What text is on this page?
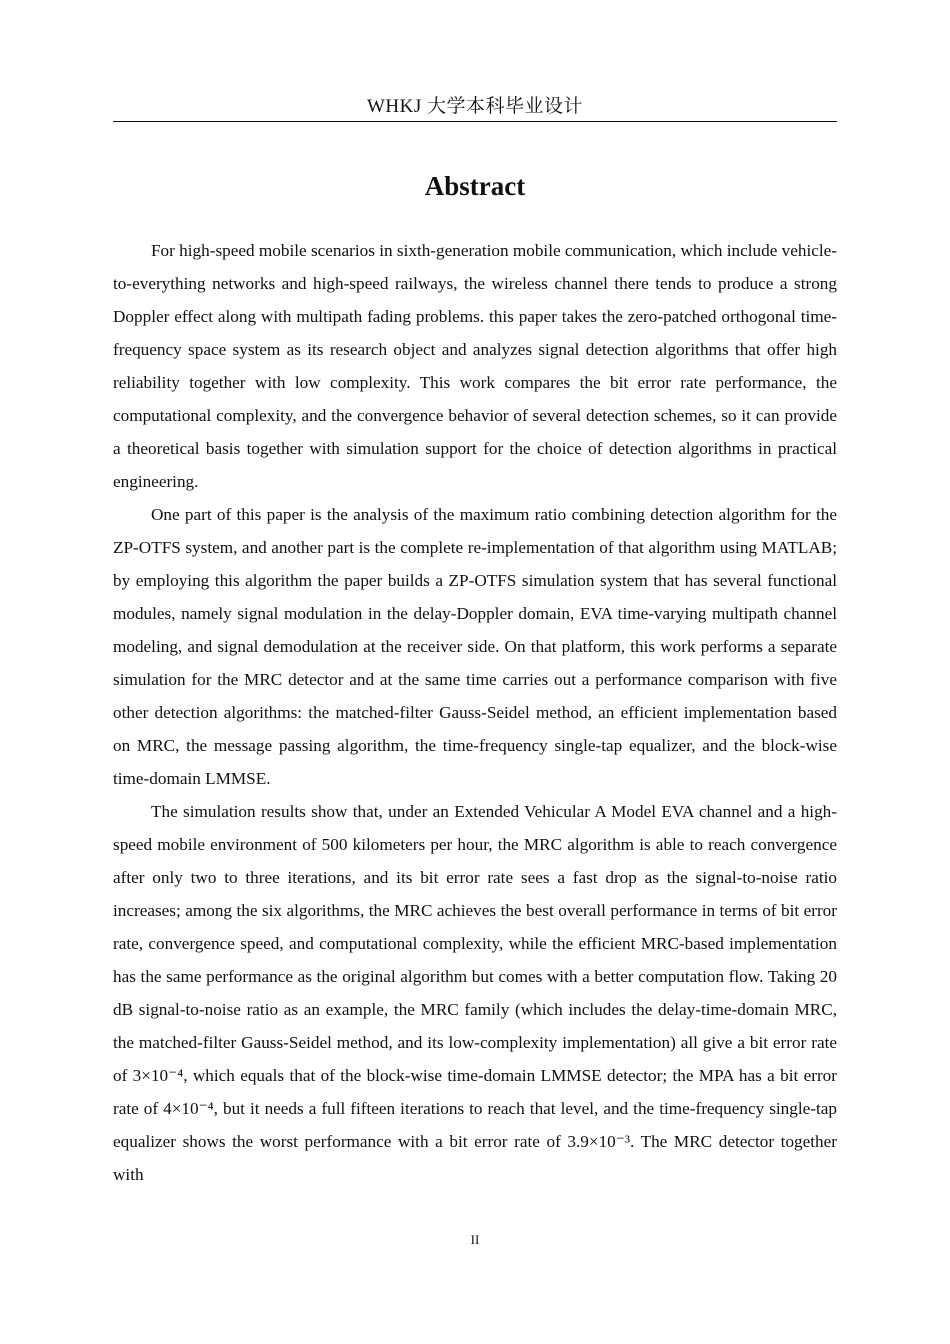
WHKJ 大学本科毕业设计
Abstract

For high-speed mobile scenarios in sixth-generation mobile communication, which include vehicle-to-everything networks and high-speed railways, the wireless channel there tends to produce a strong Doppler effect along with multipath fading problems. this paper takes the zero-patched orthogonal time-frequency space system as its research object and analyzes signal detection algorithms that offer high reliability together with low complexity. This work compares the bit error rate performance, the computational complexity, and the convergence behavior of several detection schemes, so it can provide a theoretical basis together with simulation support for the choice of detection algorithms in practical engineering.

One part of this paper is the analysis of the maximum ratio combining detection algorithm for the ZP-OTFS system, and another part is the complete re-implementation of that algorithm using MATLAB; by employing this algorithm the paper builds a ZP-OTFS simulation system that has several functional modules, namely signal modulation in the delay-Doppler domain, EVA time-varying multipath channel modeling, and signal demodulation at the receiver side. On that platform, this work performs a separate simulation for the MRC detector and at the same time carries out a performance comparison with five other detection algorithms: the matched-filter Gauss-Seidel method, an efficient implementation based on MRC, the message passing algorithm, the time-frequency single-tap equalizer, and the block-wise time-domain LMMSE.

The simulation results show that, under an Extended Vehicular A Model EVA channel and a high-speed mobile environment of 500 kilometers per hour, the MRC algorithm is able to reach convergence after only two to three iterations, and its bit error rate sees a fast drop as the signal-to-noise ratio increases; among the six algorithms, the MRC achieves the best overall performance in terms of bit error rate, convergence speed, and computational complexity, while the efficient MRC-based implementation has the same performance as the original algorithm but comes with a better computation flow. Taking 20 dB signal-to-noise ratio as an example, the MRC family (which includes the delay-time-domain MRC, the matched-filter Gauss-Seidel method, and its low-complexity implementation) all give a bit error rate of 3×10⁻⁴, which equals that of the block-wise time-domain LMMSE detector; the MPA has a bit error rate of 4×10⁻⁴, but it needs a full fifteen iterations to reach that level, and the time-frequency single-tap equalizer shows the worst performance with a bit error rate of 3.9×10⁻³. The MRC detector together with

II
